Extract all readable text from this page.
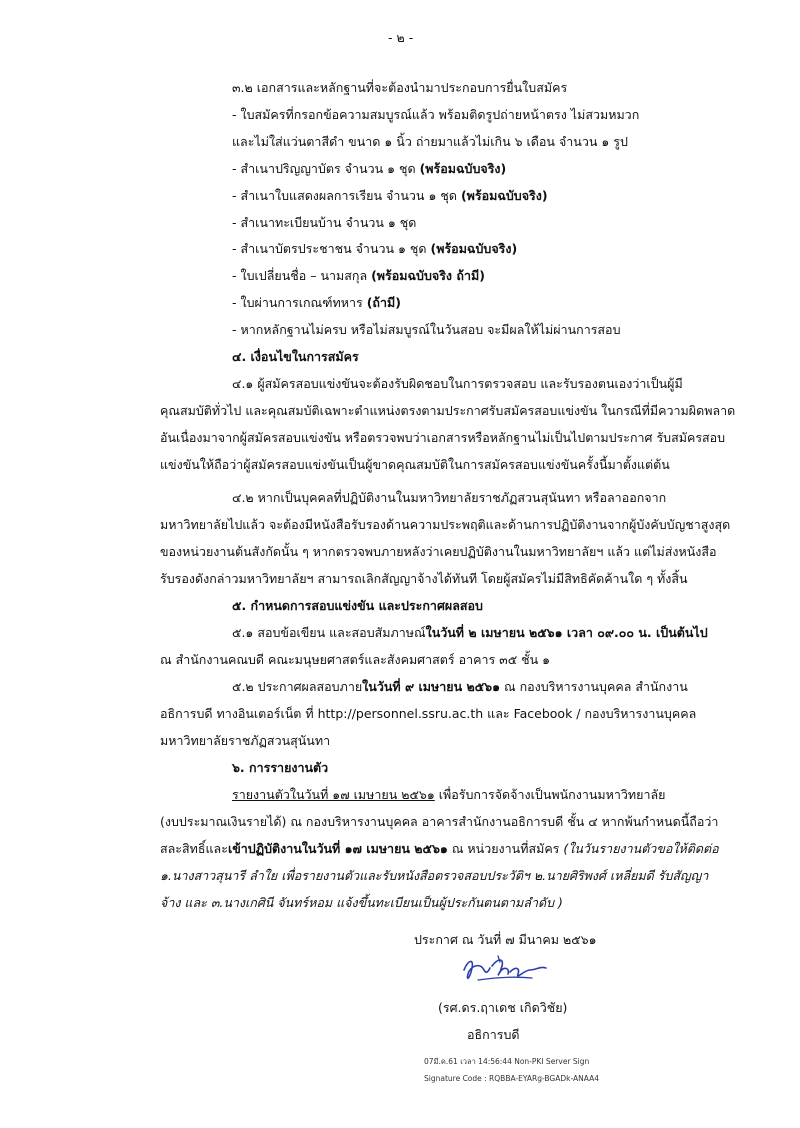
- ๒ -
๓.๒ เอกสารและหลักฐานที่จะต้องนำมาประกอบการยื่นใบสมัคร
- ใบสมัครที่กรอกข้อความสมบูรณ์แล้ว พร้อมติดรูปถ่ายหน้าตรง ไม่สวมหมวก
และไม่ใส่แว่นตาสีดำ ขนาด ๑ นิ้ว ถ่ายมาแล้วไม่เกิน ๖ เดือน จำนวน ๑ รูป
- สำเนาปริญญาบัตร จำนวน ๑ ชุด (พร้อมฉบับจริง)
- สำเนาใบแสดงผลการเรียน จำนวน ๑ ชุด (พร้อมฉบับจริง)
- สำเนาทะเบียนบ้าน จำนวน ๑ ชุด
- สำเนาบัตรประชาชน จำนวน ๑ ชุด (พร้อมฉบับจริง)
- ใบเปลี่ยนชื่อ – นามสกุล (พร้อมฉบับจริง ถ้ามี)
- ใบผ่านการเกณฑ์ทหาร (ถ้ามี)
- หากหลักฐานไม่ครบ หรือไม่สมบูรณ์ในวันสอบ จะมีผลให้ไม่ผ่านการสอบ
๔. เงื่อนไขในการสมัคร
๔.๑ ผู้สมัครสอบแข่งขันจะต้องรับผิดชอบในการตรวจสอบ และรับรองตนเองว่าเป็นผู้มี
คุณสมบัติทั่วไป และคุณสมบัติเฉพาะตำแหน่งตรงตามประกาศรับสมัครสอบแข่งขัน ในกรณีที่มีความผิดพลาด
อันเนื่องมาจากผู้สมัครสอบแข่งขัน หรือตรวจพบว่าเอกสารหรือหลักฐานไม่เป็นไปตามประกาศ รับสมัครสอบ
แข่งขันให้ถือว่าผู้สมัครสอบแข่งขันเป็นผู้ขาดคุณสมบัติในการสมัครสอบแข่งขันครั้งนี้มาตั้งแต่ต้น
๔.๒ หากเป็นบุคคลที่ปฏิบัติงานในมหาวิทยาลัยราชภัฏสวนสุนันทา หรือลาออกจาก
มหาวิทยาลัยไปแล้ว จะต้องมีหนังสือรับรองด้านความประพฤติและด้านการปฏิบัติงานจากผู้บังคับบัญชาสูงสุด
ของหน่วยงานต้นสังกัดนั้น ๆ หากตรวจพบภายหลังว่าเคยปฏิบัติงานในมหาวิทยาลัยฯ แล้ว แต่ไม่ส่งหนังสือ
รับรองดังกล่าวมหาวิทยาลัยฯ สามารถเลิกสัญญาจ้างได้ทันที โดยผู้สมัครไม่มีสิทธิคัดค้านใด ๆ ทั้งสิ้น
๕. กำหนดการสอบแข่งขัน และประกาศผลสอบ
๕.๑ สอบข้อเขียน และสอบสัมภาษณ์ในวันที่ ๒ เมษายน ๒๕๖๑ เวลา ๐๙.๐๐ น. เป็นต้นไป
ณ สำนักงานคณบดี คณะมนุษยศาสตร์และสังคมศาสตร์ อาคาร ๓๕ ชั้น ๑
๕.๒ ประกาศผลสอบภายในวันที่ ๙ เมษายน ๒๕๖๑ ณ กองบริหารงานบุคคล สำนักงาน
อธิการบดี ทางอินเตอร์เน็ต ที่ http://personnel.ssru.ac.th และ Facebook / กองบริหารงานบุคคล
มหาวิทยาลัยราชภัฏสวนสุนันทา
๖. การรายงานตัว
รายงานตัวในวันที่ ๑๗ เมษายน ๒๕๖๑ เพื่อรับการจัดจ้างเป็นพนักงานมหาวิทยาลัย
(งบประมาณเงินรายได้) ณ กองบริหารงานบุคคล อาคารสำนักงานอธิการบดี ชั้น ๔ หากพ้นกำหนดนี้ถือว่า
สละสิทธิ์และเข้าปฏิบัติงานในวันที่ ๑๗ เมษายน ๒๕๖๑ ณ หน่วยงานที่สมัคร (ในวันรายงานตัวขอให้ติดต่อ
๑.นางสาวสุนารี ลำใย เพื่อรายงานตัวและรับหนังสือตรวจสอบประวัติฯ ๒.นายศิริพงศ์ เหลี่ยมดี รับสัญญา
จ้าง และ ๓.นางเกศินี จันทร์หอม แจ้งขึ้นทะเบียนเป็นผู้ประกันตนตามลำดับ )
ประกาศ ณ วันที่ ๗ มีนาคม ๒๕๖๑
(รศ.ดร.ฤาเดช เกิดวิชัย)
อธิการบดี
07มี.ค.61 เวลา 14:56:44 Non-PKI Server Sign
Signature Code : RQBBA-EYARg-BGADk-ANAA4
